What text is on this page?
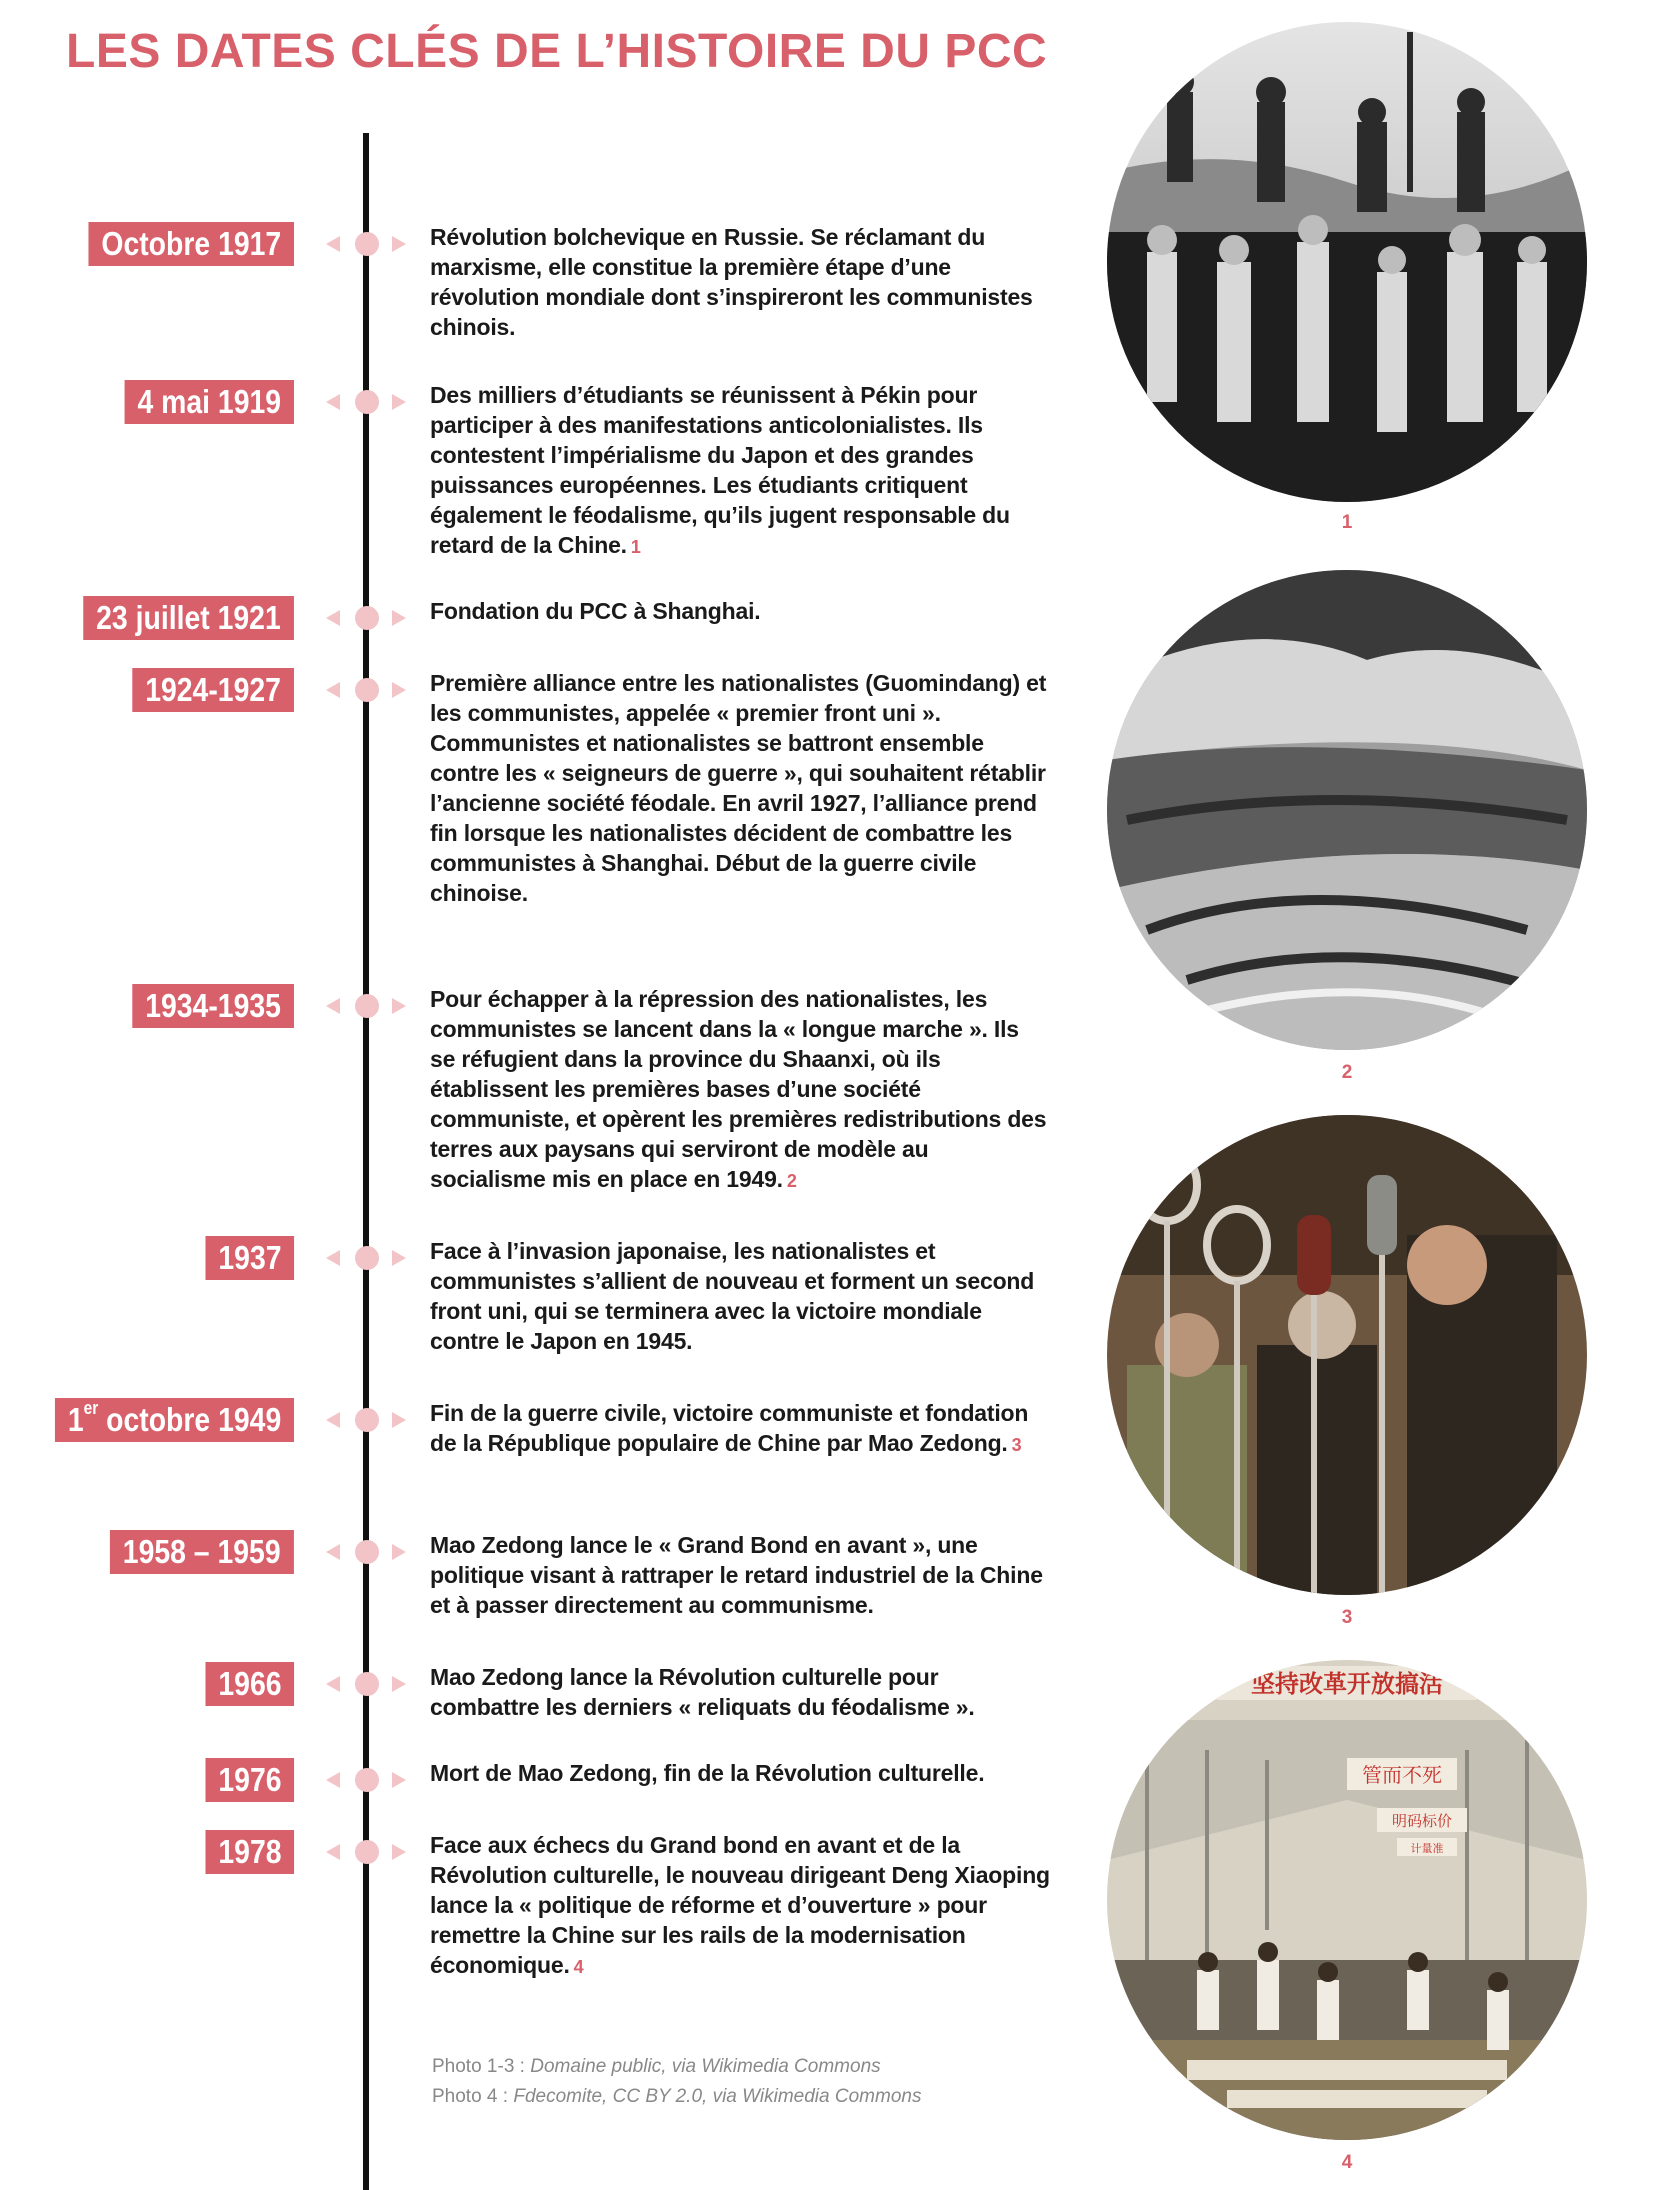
LES DATES CLÉS DE L’HISTOIRE DU PCC
Octobre 1917	Révolution bolchevique en Russie. Se réclamant du marxisme, elle constitue la première étape d’une révolution mondiale dont s’inspireront les communistes chinois.
4 mai 1919	Des milliers d’étudiants se réunissent à Pékin pour participer à des manifestations anticolonialistes. Ils contestent l’impérialisme du Japon et des grandes puissances européennes. Les étudiants critiquent également le féodalisme, qu’ils jugent responsable du retard de la Chine. 1
23 juillet 1921	Fondation du PCC à Shanghai.
1924-1927	Première alliance entre les nationalistes (Guomindang) et les communistes, appelée « premier front uni ». Communistes et nationalistes se battront ensemble contre les « seigneurs de guerre », qui souhaitent rétablir l’ancienne société féodale. En avril 1927, l’alliance prend fin lorsque les nationalistes décident de combattre les communistes à Shanghai. Début de la guerre civile chinoise.
1934-1935	Pour échapper à la répression des nationalistes, les communistes se lancent dans la « longue marche ». Ils se réfugient dans la province du Shaanxi, où ils établissent les premières bases d’une société communiste, et opèrent les premières redistributions des terres aux paysans qui serviront de modèle au socialisme mis en place en 1949. 2
1937	Face à l’invasion japonaise, les nationalistes et communistes s’allient de nouveau et forment un second front uni, qui se terminera avec la victoire mondiale contre le Japon en 1945.
1er octobre 1949	Fin de la guerre civile, victoire communiste et fondation de la République populaire de Chine par Mao Zedong. 3
1958 – 1959	Mao Zedong lance le « Grand Bond en avant », une politique visant à rattraper le retard industriel de la Chine et à passer directement au communisme.
1966	Mao Zedong lance la Révolution culturelle pour combattre les derniers « reliquats du féodalisme ».
1976	Mort de Mao Zedong, fin de la Révolution culturelle.
1978	Face aux échecs du Grand bond en avant et de la Révolution culturelle, le nouveau dirigeant Deng Xiaoping lance la « politique de réforme et d’ouverture » pour remettre la Chine sur les rails de la modernisation économique. 4
1
2
3
坚持改革开放搞活
管而不死
明码标价
计量准
4
Photo 1-3 : Domaine public, via Wikimedia Commons
Photo 4 : Fdecomite, CC BY 2.0, via Wikimedia Commons
